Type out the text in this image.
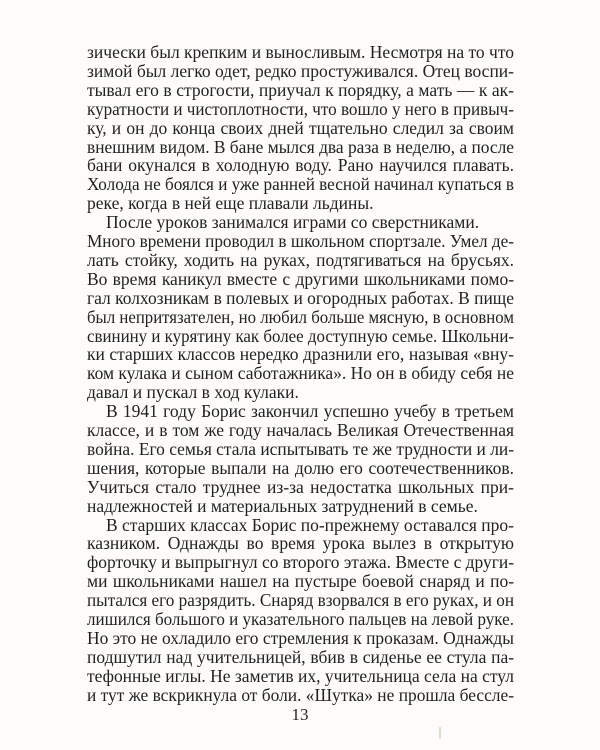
зически был крепким и выносливым. Несмотря на то что
зимой был легко одет, редко простуживался. Отец воспи-
тывал его в строгости, приучал к порядку, а мать — к ак-
куратности и чистоплотности, что вошло у него в привыч-
ку, и он до конца своих дней тщательно следил за своим
внешним видом. В бане мылся два раза в неделю, а после
бани окунался в холодную воду. Рано научился плавать.
Холода не боялся и уже ранней весной начинал купаться в
реке, когда в ней еще плавали льдины.
После уроков занимался играми со сверстниками.
Много времени проводил в школьном спортзале. Умел де-
лать стойку, ходить на руках, подтягиваться на брусьях.
Во время каникул вместе с другими школьниками помо-
гал колхозникам в полевых и огородных работах. В пище
был непритязателен, но любил больше мясную, в основном
свинину и курятину как более доступную семье. Школьни-
ки старших классов нередко дразнили его, называя «вну-
ком кулака и сыном саботажника». Но он в обиду себя не
давал и пускал в ход кулаки.
В 1941 году Борис закончил успешно учебу в третьем
классе, и в том же году началась Великая Отечественная
война. Его семья стала испытывать те же трудности и ли-
шения, которые выпали на долю его соотечественников.
Учиться стало труднее из-за недостатка школьных при-
надлежностей и материальных затруднений в семье.
В старших классах Борис по-прежнему оставался про-
казником. Однажды во время урока вылез в открытую
форточку и выпрыгнул со второго этажа. Вместе с други-
ми школьниками нашел на пустыре боевой снаряд и по-
пытался его разрядить. Снаряд взорвался в его руках, и он
лишился большого и указательного пальцев на левой руке.
Но это не охладило его стремления к проказам. Однажды
подшутил над учительницей, вбив в сиденье ее стула па-
тефонные иглы. Не заметив их, учительница села на стул
и тут же вскрикнула от боли. «Шутка» не прошла бессле-
13
